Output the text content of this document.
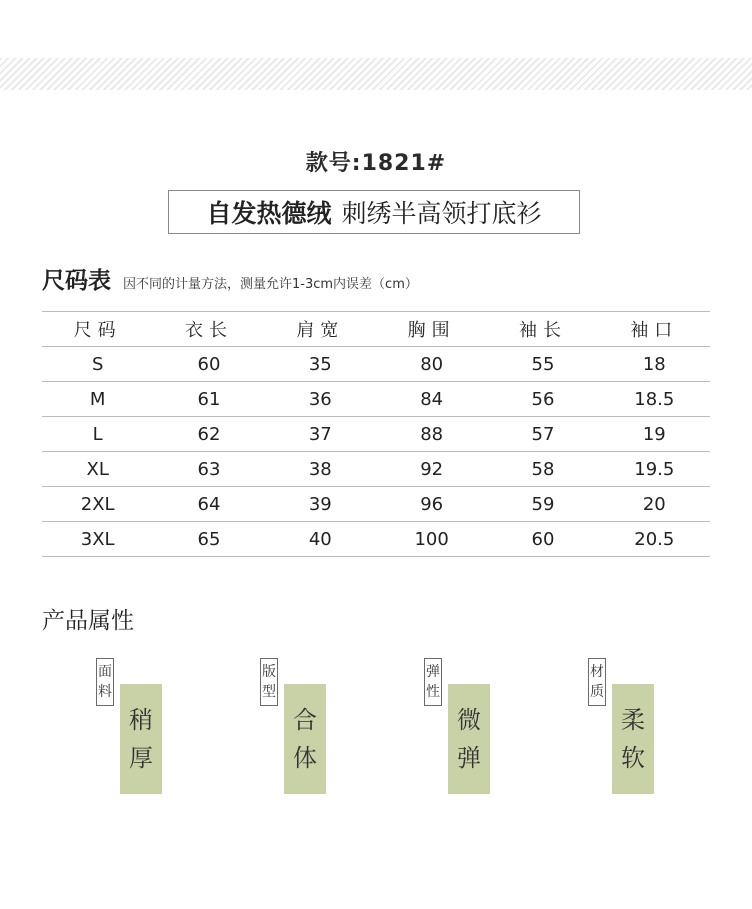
款号:1821#
自发热德绒 刺绣半高领打底衫
尺码表 因不同的计量方法，测量允许1-3cm内误差（cm）
尺码	衣长	肩宽	胸围	袖长	袖口
S	60	35	80	55	18
M	61	36	84	56	18.5
L	62	37	88	57	19
XL	63	38	92	58	19.5
2XL	64	39	96	59	20
3XL	65	40	100	60	20.5
产品属性
面
料
稍
厚
版
型
合
体
弹
性
微
弹
材
质
柔
软
